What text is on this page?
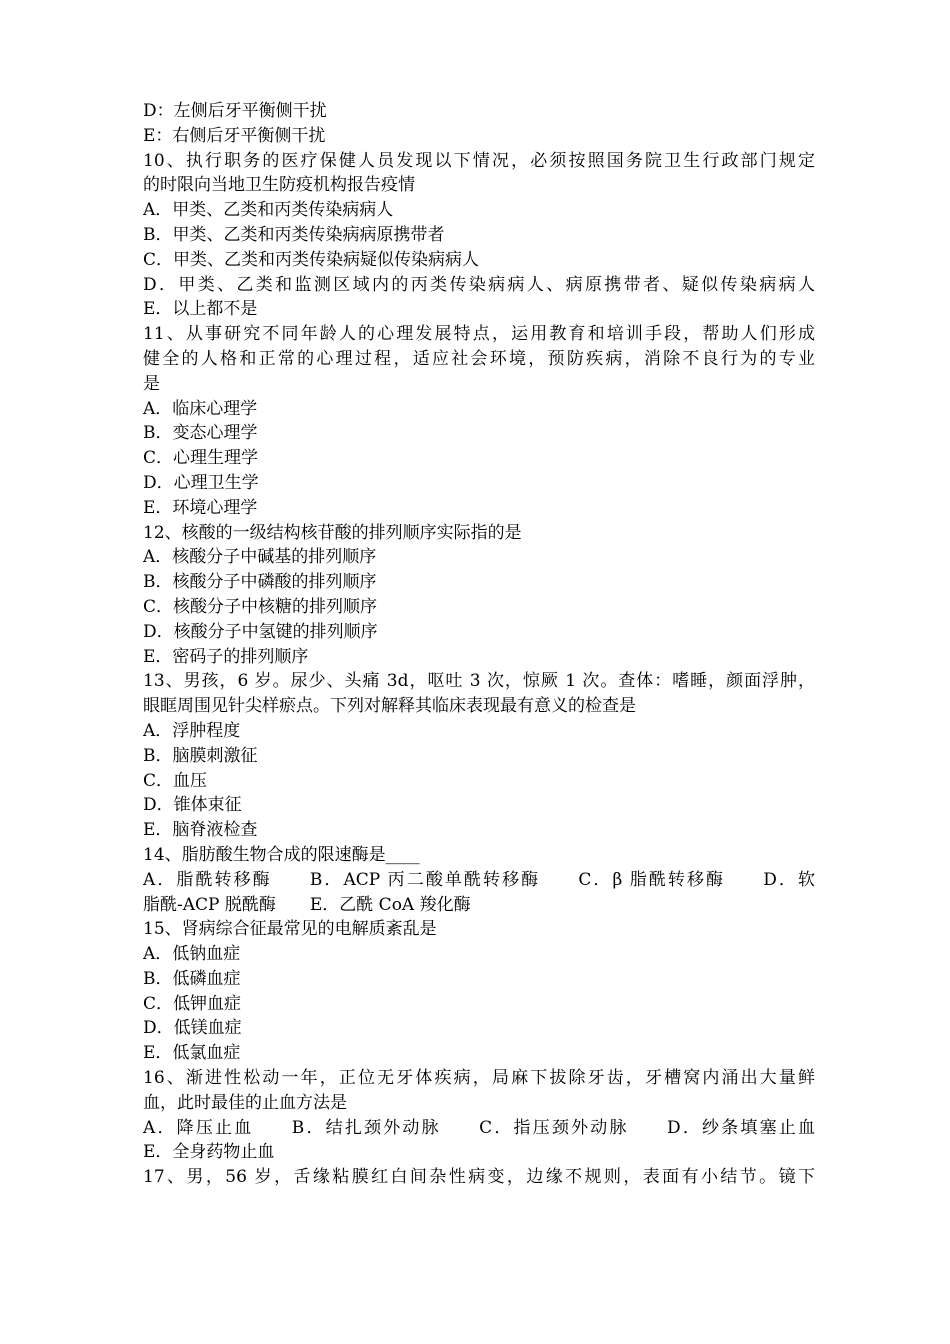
D：左侧后牙平衡侧干扰
E：右侧后牙平衡侧干扰
10、执行职务的医疗保健人员发现以下情况，必须按照国务院卫生行政部门规定
的时限向当地卫生防疫机构报告疫情
A．甲类、乙类和丙类传染病病人
B．甲类、乙类和丙类传染病病原携带者
C．甲类、乙类和丙类传染病疑似传染病病人
D．甲类、乙类和监测区域内的丙类传染病病人、病原携带者、疑似传染病病人
E．以上都不是
11、从事研究不同年龄人的心理发展特点，运用教育和培训手段，帮助人们形成
健全的人格和正常的心理过程，适应社会环境，预防疾病，消除不良行为的专业
是
A．临床心理学
B．变态心理学
C．心理生理学
D．心理卫生学
E．环境心理学
12、核酸的一级结构核苷酸的排列顺序实际指的是
A．核酸分子中碱基的排列顺序
B．核酸分子中磷酸的排列顺序
C．核酸分子中核糖的排列顺序
D．核酸分子中氢键的排列顺序
E．密码子的排列顺序
13、男孩，6 岁。尿少、头痛 3d，呕吐 3 次，惊厥 1 次。查体：嗜睡，颜面浮肿，
眼眶周围见针尖样瘀点。下列对解释其临床表现最有意义的检查是
A．浮肿程度
B．脑膜刺激征
C．血压
D．锥体束征
E．脑脊液检查
14、脂肪酸生物合成的限速酶是____
A．脂酰转移酶　　B．ACP 丙二酸单酰转移酶　　C．β 脂酰转移酶　　D．软
脂酰-ACP 脱酰酶　　E．乙酰 CoA 羧化酶
15、肾病综合征最常见的电解质紊乱是
A．低钠血症
B．低磷血症
C．低钾血症
D．低镁血症
E．低氯血症
16、渐进性松动一年，正位无牙体疾病，局麻下拔除牙齿，牙槽窝内涌出大量鲜
血，此时最佳的止血方法是
A．降压止血　　B．结扎颈外动脉　　C．指压颈外动脉　　D．纱条填塞止血
E．全身药物止血
17、男，56 岁，舌缘粘膜红白间杂性病变，边缘不规则，表面有小结节。镜下
